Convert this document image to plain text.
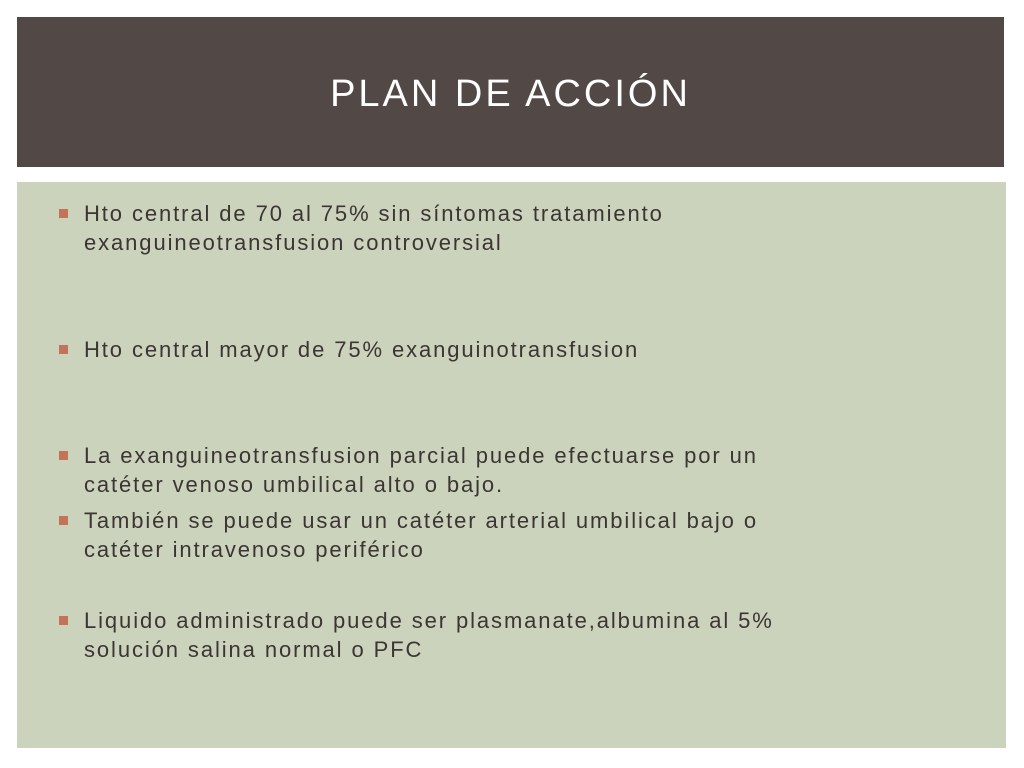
PLAN DE ACCIÓN
Hto central de 70 al 75% sin síntomas tratamiento
exanguineotransfusion controversial
Hto central mayor de 75% exanguinotransfusion
La exanguineotransfusion parcial puede efectuarse por un
catéter venoso umbilical alto o bajo.
También se puede usar un catéter arterial umbilical bajo o
catéter intravenoso periférico
Liquido administrado puede ser plasmanate,albumina al 5%
solución salina normal o PFC
